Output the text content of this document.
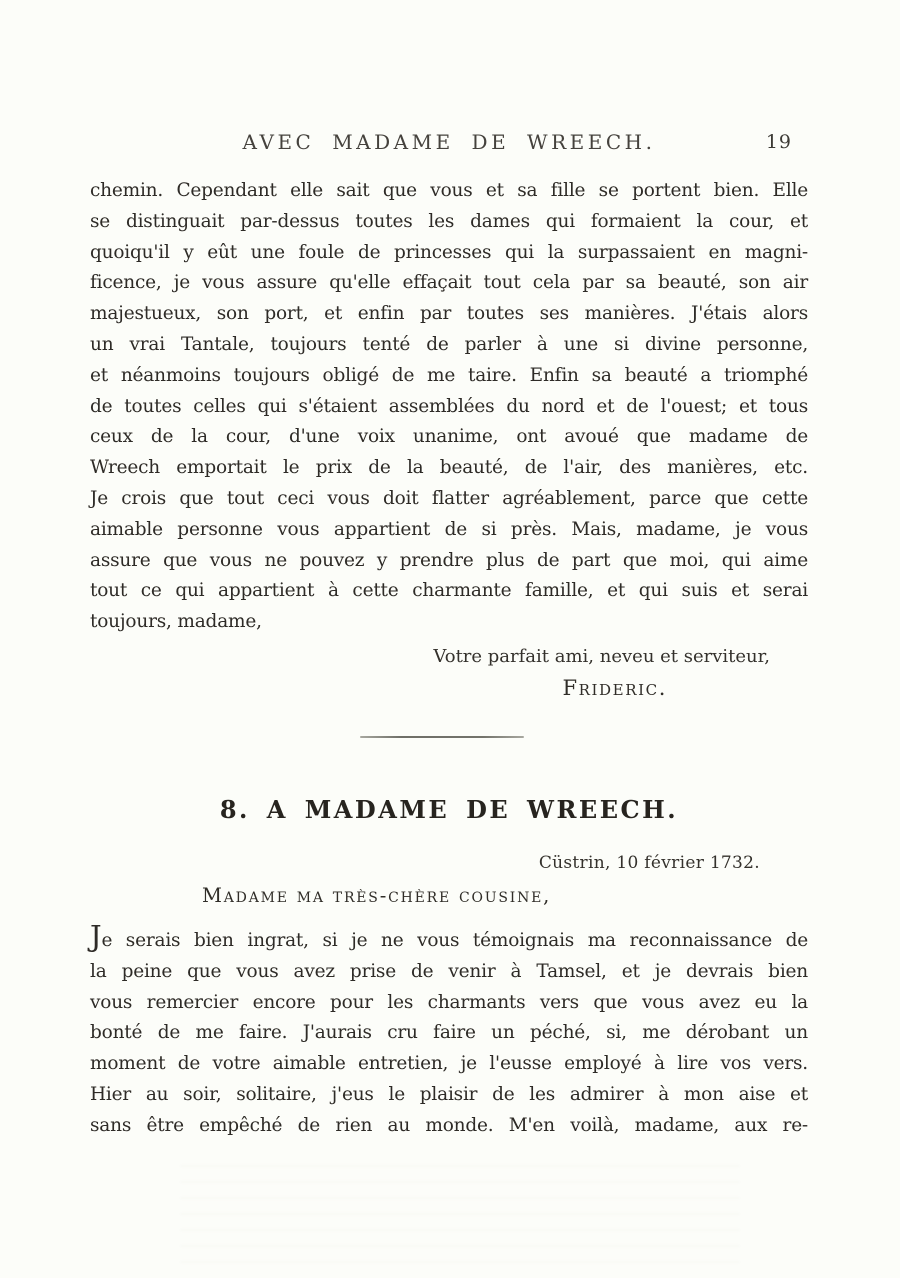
AVEC MADAME DE WREECH.	19
chemin. Cependant elle sait que vous et sa fille se portent bien. Elle
se distinguait par-dessus toutes les dames qui formaient la cour, et
quoiqu'il y eût une foule de princesses qui la surpassaient en magni-
ficence, je vous assure qu'elle effaçait tout cela par sa beauté, son air
majestueux, son port, et enfin par toutes ses manières. J'étais alors
un vrai Tantale, toujours tenté de parler à une si divine personne,
et néanmoins toujours obligé de me taire. Enfin sa beauté a triomphé
de toutes celles qui s'étaient assemblées du nord et de l'ouest; et tous
ceux de la cour, d'une voix unanime, ont avoué que madame de
Wreech emportait le prix de la beauté, de l'air, des manières, etc.
Je crois que tout ceci vous doit flatter agréablement, parce que cette
aimable personne vous appartient de si près. Mais, madame, je vous
assure que vous ne pouvez y prendre plus de part que moi, qui aime
tout ce qui appartient à cette charmante famille, et qui suis et serai
toujours, madame,
Votre parfait ami, neveu et serviteur,
Frideric.
8. A MADAME DE WREECH.
Cüstrin, 10 février 1732.
Madame ma très-chère cousine,
Je serais bien ingrat, si je ne vous témoignais ma reconnaissance de
la peine que vous avez prise de venir à Tamsel, et je devrais bien
vous remercier encore pour les charmants vers que vous avez eu la
bonté de me faire. J'aurais cru faire un péché, si, me dérobant un
moment de votre aimable entretien, je l'eusse employé à lire vos vers.
Hier au soir, solitaire, j'eus le plaisir de les admirer à mon aise et
sans être empêché de rien au monde. M'en voilà, madame, aux re-
